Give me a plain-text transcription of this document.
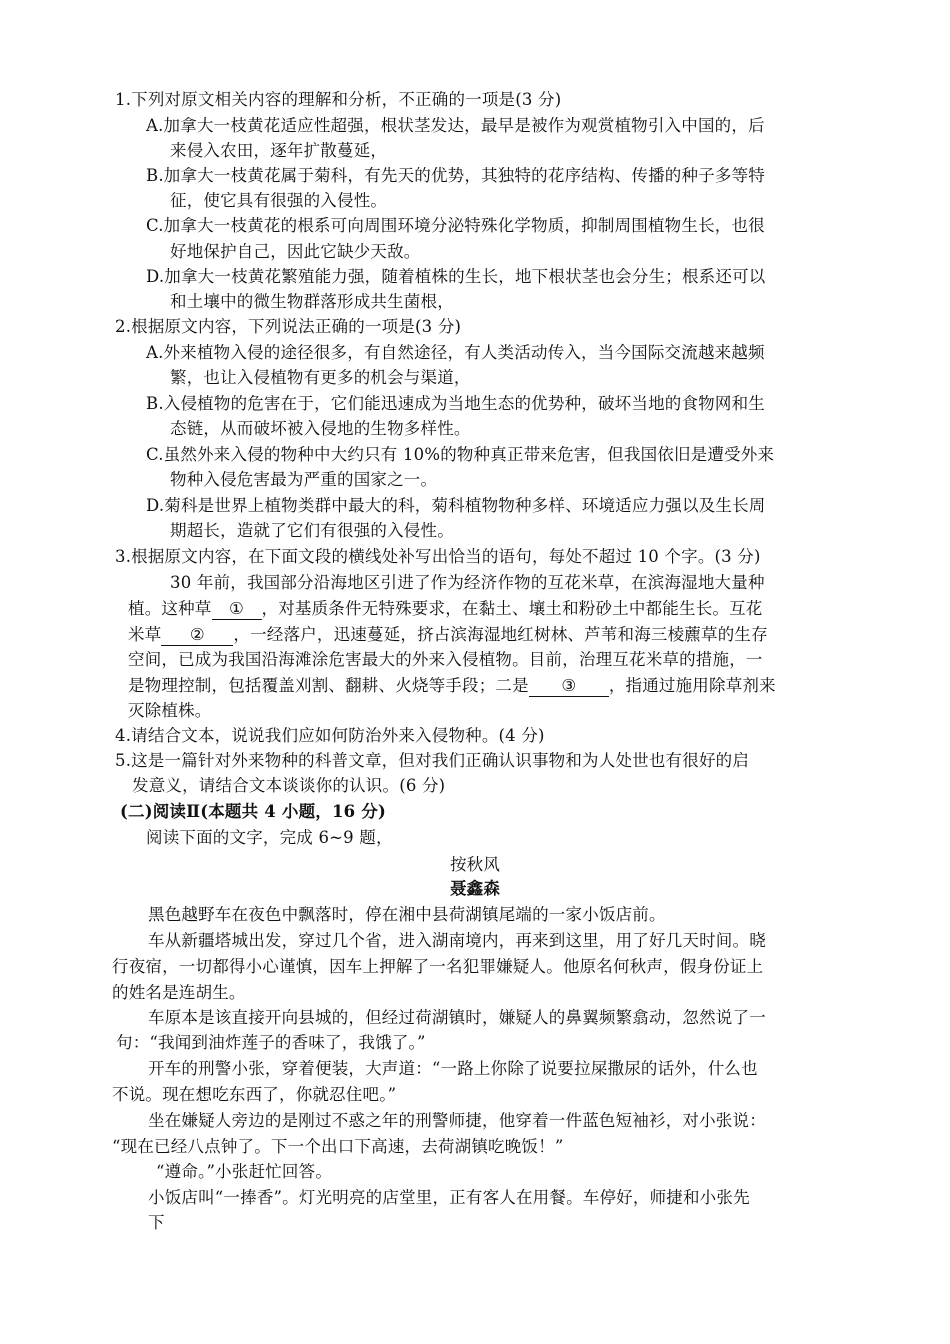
1.下列对原文相关内容的理解和分析，不正确的一项是(3 分)
A.加拿大一枝黄花适应性超强，根状茎发达，最早是被作为观赏植物引入中国的，后
来侵入农田，逐年扩散蔓延，
B.加拿大一枝黄花属于菊科，有先天的优势，其独特的花序结构、传播的种子多等特
征，使它具有很强的入侵性。
C.加拿大一枝黄花的根系可向周围环境分泌特殊化学物质，抑制周围植物生长，也很
好地保护自己，因此它缺少天敌。
D.加拿大一枝黄花繁殖能力强，随着植株的生长，地下根状茎也会分生；根系还可以
和土壤中的微生物群落形成共生菌根，
2.根据原文内容，下列说法正确的一项是(3 分)
A.外来植物入侵的途径很多，有自然途径，有人类活动传入，当今国际交流越来越频
繁，也让入侵植物有更多的机会与渠道，
B.入侵植物的危害在于，它们能迅速成为当地生态的优势种，破坏当地的食物网和生
态链，从而破坏被入侵地的生物多样性。
C.虽然外来入侵的物种中大约只有 10%的物种真正带来危害，但我国依旧是遭受外来
物种入侵危害最为严重的国家之一。
D.菊科是世界上植物类群中最大的科，菊科植物物种多样、环境适应力强以及生长周
期超长，造就了它们有很强的入侵性。
3.根据原文内容，在下面文段的横线处补写出恰当的语句，每处不超过 10 个字。(3 分)
30 年前，我国部分沿海地区引进了作为经济作物的互花米草，在滨海湿地大量种
植。这种草 ① ，对基质条件无特殊要求，在黏土、壤土和粉砂土中都能生长。互花
米草 ② ，一经落户，迅速蔓延，挤占滨海湿地红树林、芦苇和海三棱藨草的生存
空间，已成为我国沿海滩涂危害最大的外来入侵植物。目前，治理互花米草的措施，一
是物理控制，包括覆盖刈割、翻耕、火烧等手段；二是 ③ ，指通过施用除草剂来
灭除植株。
4.请结合文本，说说我们应如何防治外来入侵物种。(4 分)
5.这是一篇针对外来物种的科普文章，但对我们正确认识事物和为人处世也有很好的启
发意义，请结合文本谈谈你的认识。(6 分)
(二)阅读Ⅱ(本题共 4 小题，16 分)
阅读下面的文字，完成 6~9 题，
按秋风
聂鑫森
黑色越野车在夜色中飘落时，停在湘中县荷湖镇尾端的一家小饭店前。
车从新疆塔城出发，穿过几个省，进入湖南境内，再来到这里，用了好几天时间。晓
行夜宿，一切都得小心谨慎，因车上押解了一名犯罪嫌疑人。他原名何秋声，假身份证上
的姓名是连胡生。
车原本是该直接开向县城的，但经过荷湖镇时，嫌疑人的鼻翼频繁翕动，忽然说了一
句：“我闻到油炸莲子的香味了，我饿了。”
开车的刑警小张，穿着便装，大声道：“一路上你除了说要拉屎撒尿的话外，什么也
不说。现在想吃东西了，你就忍住吧。”
坐在嫌疑人旁边的是刚过不惑之年的刑警师捷，他穿着一件蓝色短袖衫，对小张说：
“现在已经八点钟了。下一个出口下高速，去荷湖镇吃晚饭！”
“遵命。”小张赶忙回答。
小饭店叫“一捧香”。灯光明亮的店堂里，正有客人在用餐。车停好，师捷和小张先
下
